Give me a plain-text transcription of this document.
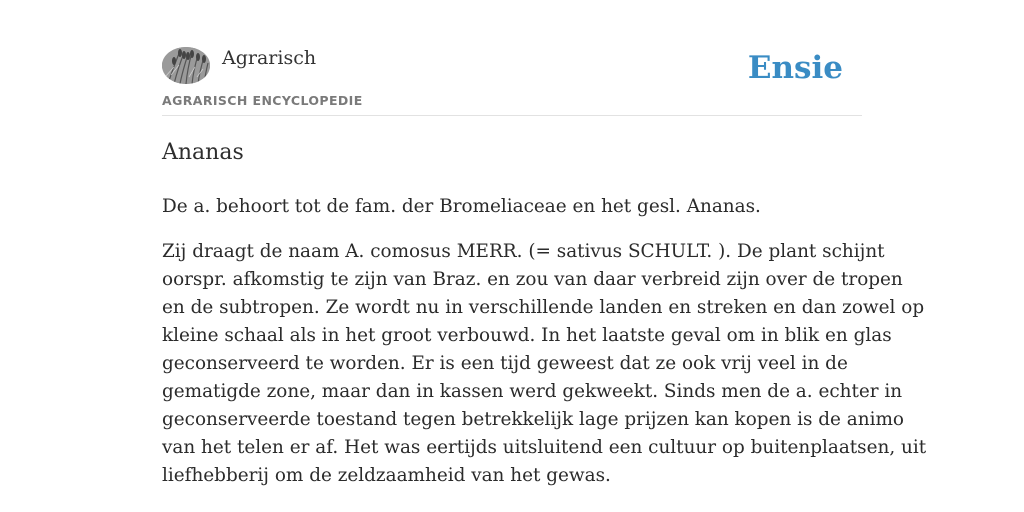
Agrarisch
AGRARISCH ENCYCLOPEDIE
Ensie
Ananas

De a. behoort tot de fam. der Bromeliaceae en het gesl. Ananas.

Zij draagt de naam A. comosus MERR. (= sativus SCHULT. ). De plant schijnt
oorspr. afkomstig te zijn van Braz. en zou van daar verbreid zijn over de tropen
en de subtropen. Ze wordt nu in verschillende landen en streken en dan zowel op
kleine schaal als in het groot verbouwd. In het laatste geval om in blik en glas
geconserveerd te worden. Er is een tijd geweest dat ze ook vrij veel in de
gematigde zone, maar dan in kassen werd gekweekt. Sinds men de a. echter in
geconserveerde toestand tegen betrekkelijk lage prijzen kan kopen is de animo
van het telen er af. Het was eertijds uitsluitend een cultuur op buitenplaatsen, uit
liefhebberij om de zeldzaamheid van het gewas.
